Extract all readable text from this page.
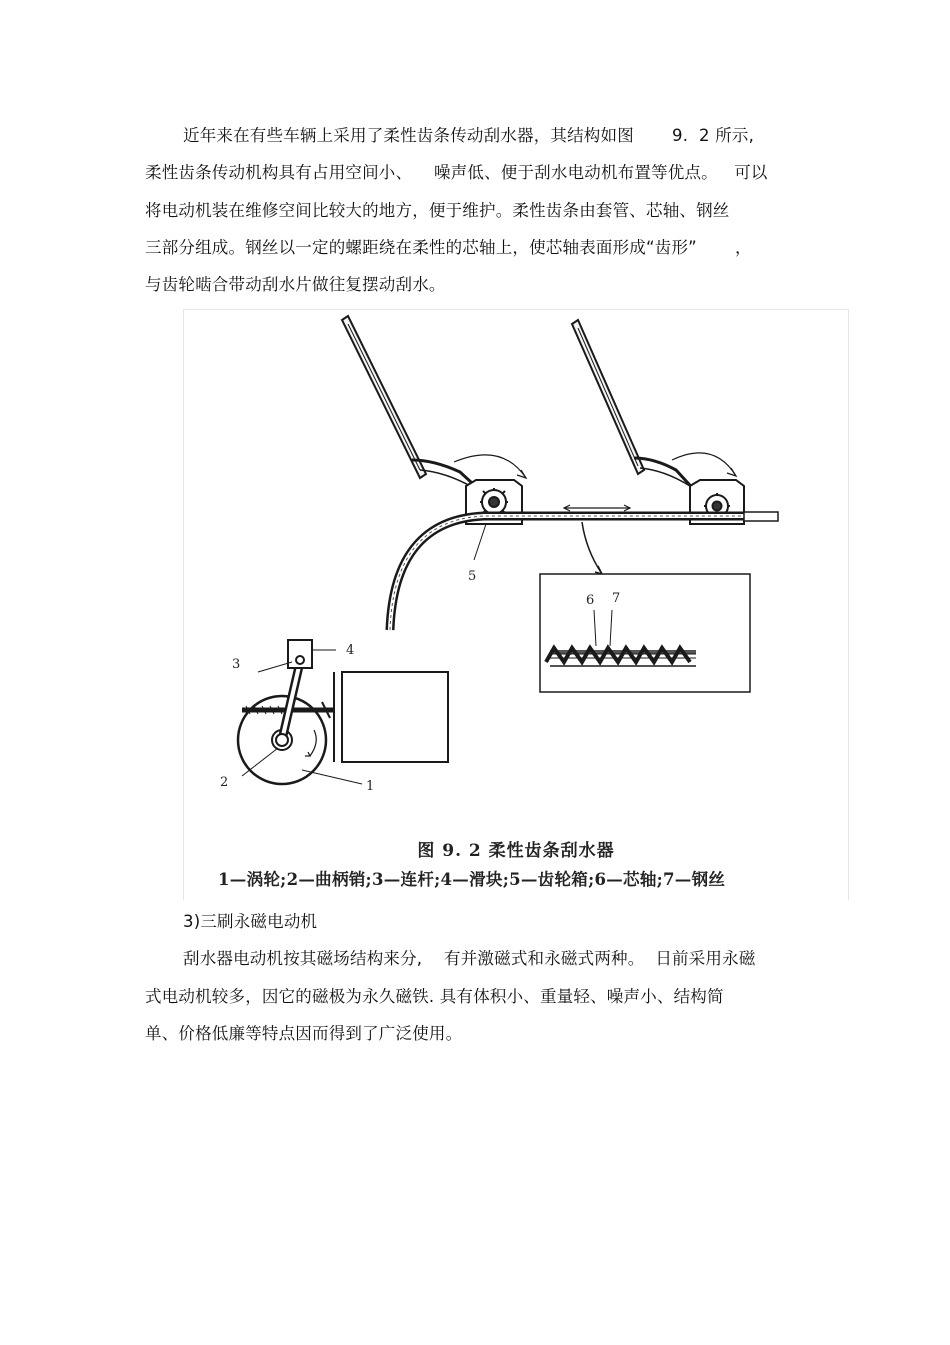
近年来在有些车辆上采用了柔性齿条传动刮水器，其结构如图       9.  2 所示,
柔性齿条传动机构具有占用空间小、    噪声低、便于刮水电动机布置等优点。   可以
将电动机装在维修空间比较大的地方，便于维护。柔性齿条由套管、芯轴、钢丝
三部分组成。钢丝以一定的螺距绕在柔性的芯轴上，使芯轴表面形成“齿形”       ，
与齿轮啮合带动刮水片做往复摆动刮水。
5
6 7
4
3
2	1
图 9. 2 柔性齿条刮水器
1—涡轮;2—曲柄销;3—连杆;4—滑块;5—齿轮箱;6—芯轴;7—钢丝
3)三刷永磁电动机
刮水器电动机按其磁场结构来分,    有并激磁式和永磁式两种。  日前采用永磁
式电动机较多，因它的磁极为永久磁铁. 具有体积小、重量轻、噪声小、结构简
单、价格低廉等特点因而得到了广泛使用。
